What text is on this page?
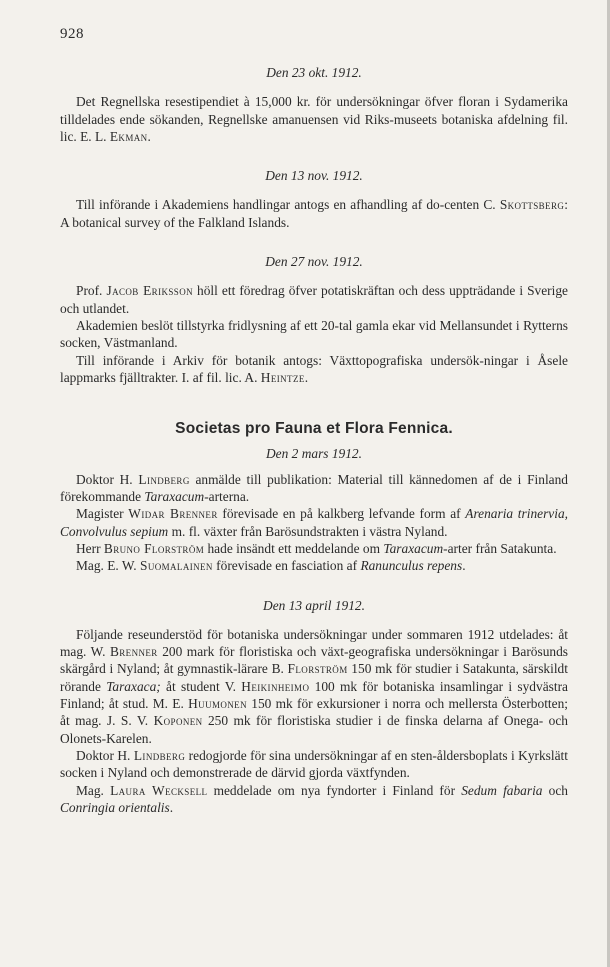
928
Den 23 okt. 1912.

Det Regnellska resestipendiet à 15,000 kr. för undersökningar öfver floran i Sydamerika tilldelades ende sökanden, Regnellske amanuensen vid Riks-museets botaniska afdelning fil. lic. E. L. Ekman.

Den 13 nov. 1912.

Till införande i Akademiens handlingar antogs en afhandling af do-centen C. Skottsberg: A botanical survey of the Falkland Islands.

Den 27 nov. 1912.

Prof. Jacob Eriksson höll ett föredrag öfver potatiskräftan och dess uppträdande i Sverige och utlandet.

Akademien beslöt tillstyrka fridlysning af ett 20-tal gamla ekar vid Mellansundet i Rytterns socken, Västmanland.

Till införande i Arkiv för botanik antogs: Växttopografiska undersök-ningar i Åsele lappmarks fjälltrakter. I. af fil. lic. A. Heintze.

Societas pro Fauna et Flora Fennica.
Den 2 mars 1912.

Doktor H. Lindberg anmälde till publikation: Material till kännedomen af de i Finland förekommande Taraxacum-arterna.

Magister Widar Brenner förevisade en på kalkberg lefvande form af Arenaria trinervia, Convolvulus sepium m. fl. växter från Barösundstrakten i västra Nyland.

Herr Bruno Florström hade insändt ett meddelande om Taraxacum-arter från Satakunta.

Mag. E. W. Suomalainen förevisade en fasciation af Ranunculus repens.

Den 13 april 1912.

Följande reseunderstöd för botaniska undersökningar under sommaren 1912 utdelades: åt mag. W. Brenner 200 mark för floristiska och växt-geografiska undersökningar i Barösunds skärgård i Nyland; åt gymnastik-lärare B. Florström 150 mk för studier i Satakunta, särskildt rörande Taraxaca; åt student V. Heikinheimo 100 mk för botaniska insamlingar i sydvästra Finland; åt stud. M. E. Huumonen 150 mk för exkursioner i norra och mellersta Österbotten; åt mag. J. S. V. Koponen 250 mk för floristiska studier i de finska delarna af Onega- och Olonets-Karelen.

Doktor H. Lindberg redogjorde för sina undersökningar af en sten-åldersboplats i Kyrkslätt socken i Nyland och demonstrerade de därvid gjorda växtfynden.

Mag. Laura Wecksell meddelade om nya fyndorter i Finland för Sedum fabaria och Conringia orientalis.
